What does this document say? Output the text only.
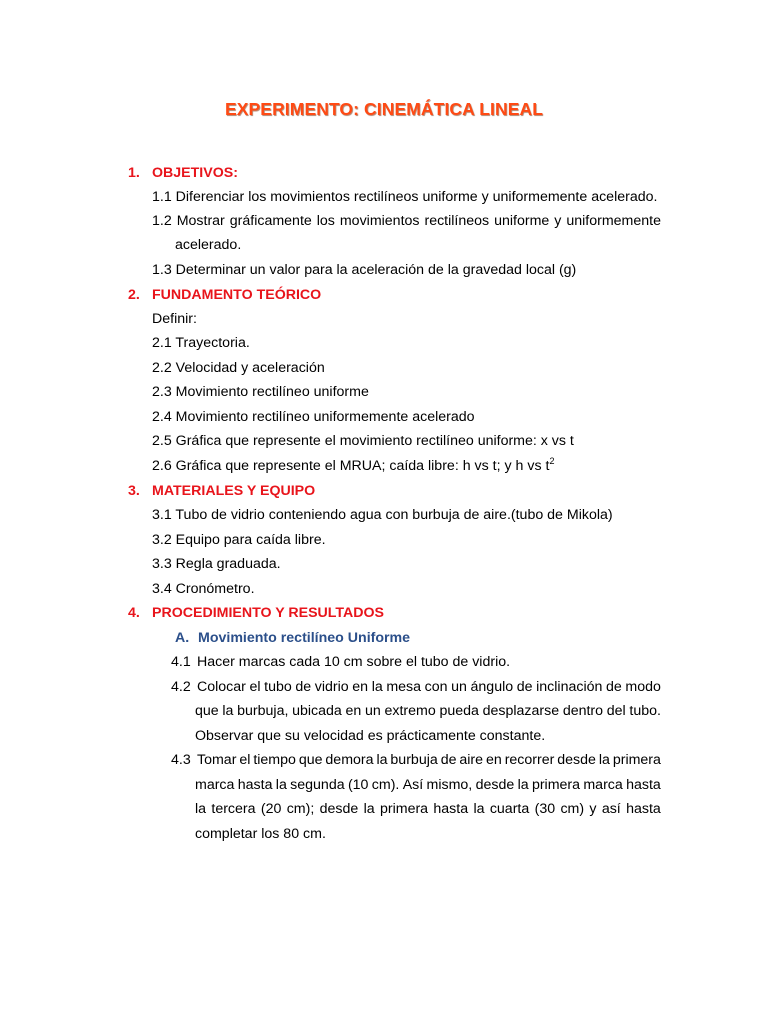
EXPERIMENTO: CINEMÁTICA LINEAL
1. OBJETIVOS:
1.1 Diferenciar los movimientos rectilíneos uniforme y uniformemente acelerado.
1.2 Mostrar gráficamente los movimientos rectilíneos uniforme y uniformemente
acelerado.
1.3 Determinar un valor para la aceleración de la gravedad local (g)
2. FUNDAMENTO TEÓRICO
Definir:
2.1 Trayectoria.
2.2 Velocidad y aceleración
2.3 Movimiento rectilíneo uniforme
2.4 Movimiento rectilíneo uniformemente acelerado
2.5 Gráfica que represente el movimiento rectilíneo uniforme: x vs t
2.6 Gráfica que represente el MRUA; caída libre: h vs t; y h vs $t^2$
3. MATERIALES Y EQUIPO
3.1 Tubo de vidrio conteniendo agua con burbuja de aire.(tubo de Mikola)
3.2 Equipo para caída libre.
3.3 Regla graduada.
3.4 Cronómetro.
4. PROCEDIMIENTO Y RESULTADOS
A. Movimiento rectilíneo Uniforme
4.1 Hacer marcas cada 10 cm sobre el tubo de vidrio.
4.2 Colocar el tubo de vidrio en la mesa con un ángulo de inclinación de modo
que la burbuja, ubicada en un extremo pueda desplazarse dentro del tubo.
Observar que su velocidad es prácticamente constante.
4.3 Tomar el tiempo que demora la burbuja de aire en recorrer desde la primera
marca hasta la segunda (10 cm). Así mismo, desde la primera marca hasta
la tercera (20 cm); desde la primera hasta la cuarta (30 cm) y así hasta
completar los 80 cm.
